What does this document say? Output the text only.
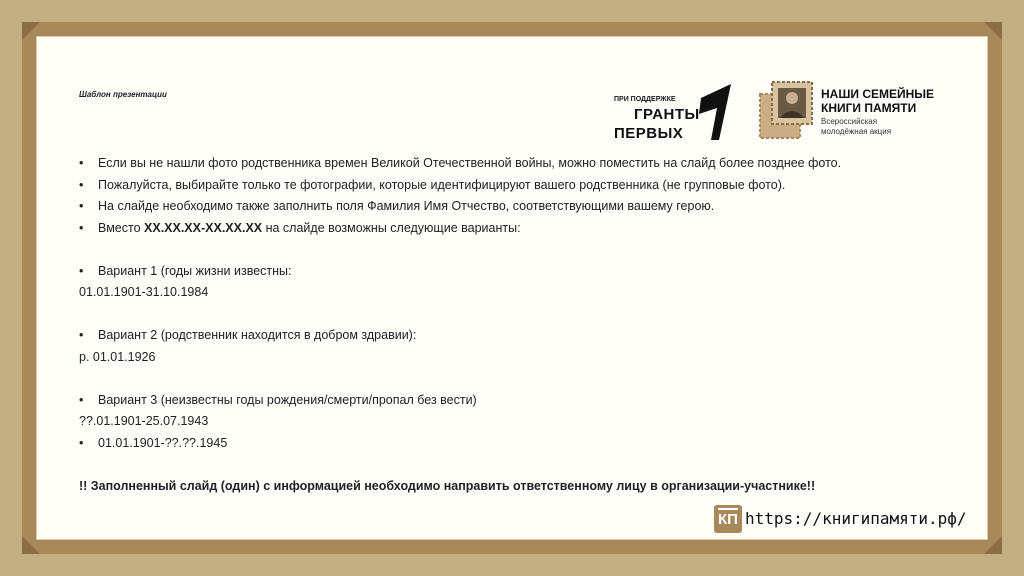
Шаблон презентации
ПРИ ПОДДЕРЖКЕ
ГРАНТЫ
ПЕРВЫХ
НАШИ СЕМЕЙНЫЕ
КНИГИ ПАМЯТИ
Всероссийская
молодёжная акция
• Если вы не нашли фото родственника времен Великой Отечественной войны, можно поместить на слайд более позднее фото.
• Пожалуйста, выбирайте только те фотографии, которые идентифицируют вашего родственника (не групповые фото).
• На слайде необходимо также заполнить поля Фамилия Имя Отчество, соответствующими вашему герою.
• Вместо ХХ.ХХ.ХХ-ХХ.ХХ.ХХ на слайде возможны следующие варианты:
• Вариант 1 (годы жизни известны:
01.01.1901-31.10.1984
• Вариант 2 (родственник находится в добром здравии):
р. 01.01.1926
• Вариант 3 (неизвестны годы рождения/смерти/пропал без вести)
??.01.1901-25.07.1943
• 01.01.1901-??.??.1945
!! Заполненный слайд (один) с информацией необходимо направить ответственному лицу в организации-участнике!!
КП https://книгипамяти.рф/
